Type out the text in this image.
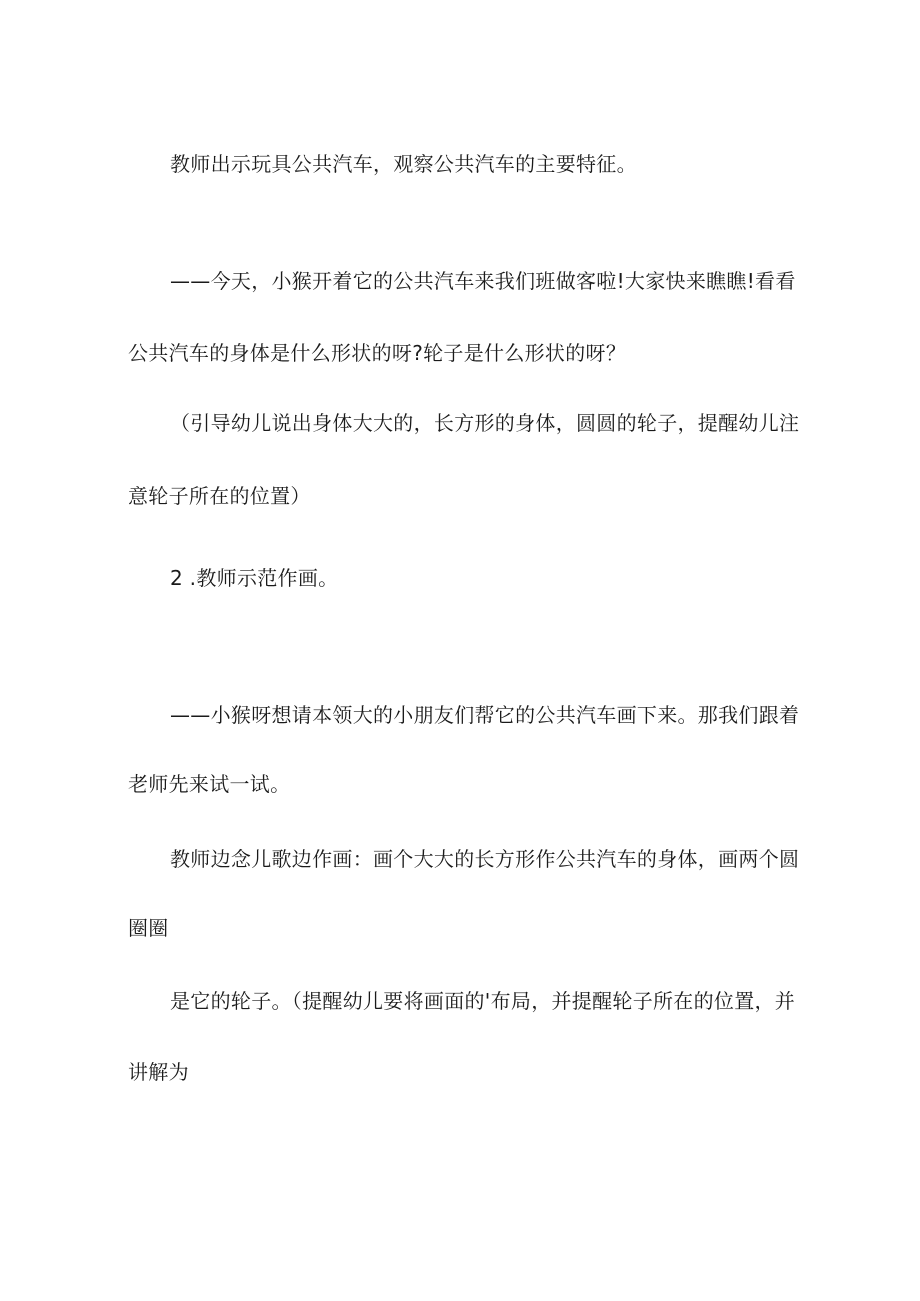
教师出示玩具公共汽车，观察公共汽车的主要特征。
——今天，小猴开着它的公共汽车来我们班做客啦!大家快来瞧瞧!看看
公共汽车的身体是什么形状的呀?轮子是什么形状的呀？
（引导幼儿说出身体大大的，长方形的身体，圆圆的轮子，提醒幼儿注
意轮子所在的位置）
2 .教师示范作画。
——小猴呀想请本领大的小朋友们帮它的公共汽车画下来。那我们跟着
老师先来试一试。
教师边念儿歌边作画：画个大大的长方形作公共汽车的身体，画两个圆
圈圈
是它的轮子。（提醒幼儿要将画面的'布局，并提醒轮子所在的位置，并
讲解为
